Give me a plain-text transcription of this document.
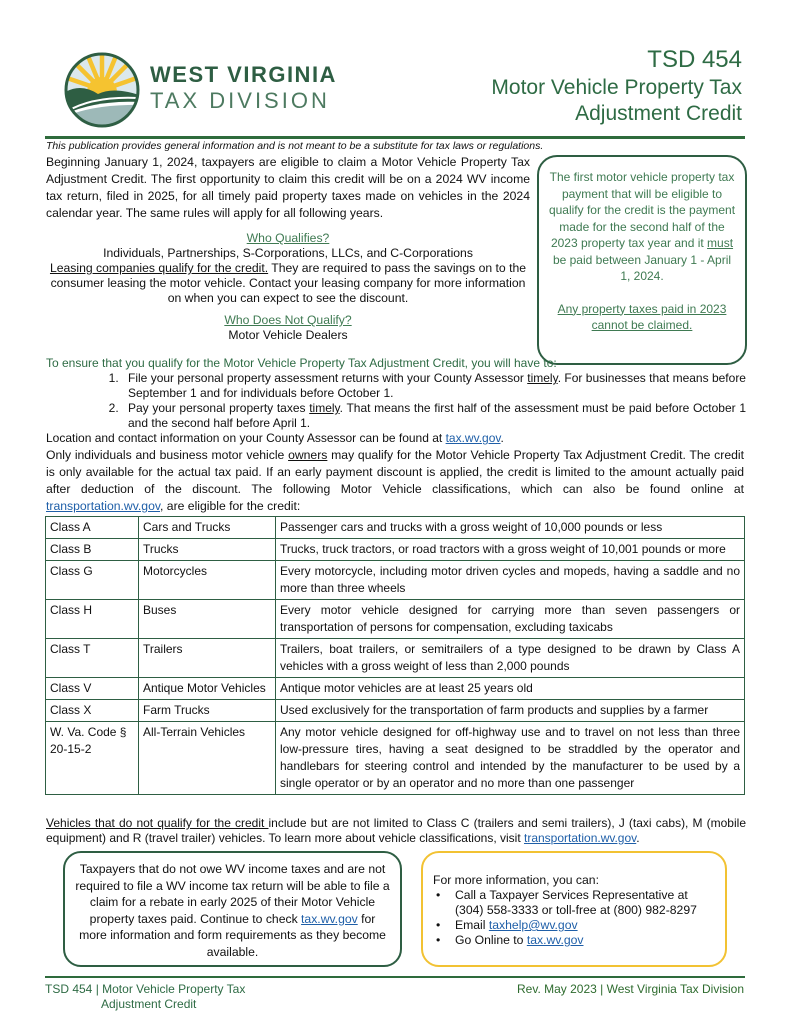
WEST VIRGINIA
TAX DIVISION
TSD 454
Motor Vehicle Property Tax
Adjustment Credit
This publication provides general information and is not meant to be a substitute for tax laws or regulations.
Beginning January 1, 2024, taxpayers are eligible to claim a Motor Vehicle Property Tax Adjustment Credit. The first opportunity to claim this credit will be on a 2024 WV income tax return, filed in 2025, for all timely paid property taxes made on vehicles in the 2024 calendar year. The same rules will apply for all following years.
The first motor vehicle property tax payment that will be eligible to qualify for the credit is the payment made for the second half of the 2023 property tax year and it must be paid between January 1 - April 1, 2024.
Any property taxes paid in 2023 cannot be claimed.
Who Qualifies?
Individuals, Partnerships, S-Corporations, LLCs, and C-Corporations
Leasing companies qualify for the credit. They are required to pass the savings on to the consumer leasing the motor vehicle. Contact your leasing company for more information on when you can expect to see the discount.
Who Does Not Qualify?
Motor Vehicle Dealers
To ensure that you qualify for the Motor Vehicle Property Tax Adjustment Credit, you will have to:
1. File your personal property assessment returns with your County Assessor timely. For businesses that means before September 1 and for individuals before October 1.
2. Pay your personal property taxes timely. That means the first half of the assessment must be paid before October 1 and the second half before April 1.
Location and contact information on your County Assessor can be found at tax.wv.gov.
Only individuals and business motor vehicle owners may qualify for the Motor Vehicle Property Tax Adjustment Credit. The credit is only available for the actual tax paid. If an early payment discount is applied, the credit is limited to the amount actually paid after deduction of the discount. The following Motor Vehicle classifications, which can also be found online at transportation.wv.gov, are eligible for the credit:
Class A	Cars and Trucks	Passenger cars and trucks with a gross weight of 10,000 pounds or less
Class B	Trucks	Trucks, truck tractors, or road tractors with a gross weight of 10,001 pounds or more
Class G	Motorcycles	Every motorcycle, including motor driven cycles and mopeds, having a saddle and no more than three wheels
Class H	Buses	Every motor vehicle designed for carrying more than seven passengers or transportation of persons for compensation, excluding taxicabs
Class T	Trailers	Trailers, boat trailers, or semitrailers of a type designed to be drawn by Class A vehicles with a gross weight of less than 2,000 pounds
Class V	Antique Motor Vehicles	Antique motor vehicles are at least 25 years old
Class X	Farm Trucks	Used exclusively for the transportation of farm products and supplies by a farmer
W. Va. Code § 20-15-2	All-Terrain Vehicles	Any motor vehicle designed for off-highway use and to travel on not less than three low-pressure tires, having a seat designed to be straddled by the operator and handlebars for steering control and intended by the manufacturer to be used by a single operator or by an operator and no more than one passenger
Vehicles that do not qualify for the credit include but are not limited to Class C (trailers and semi trailers), J (taxi cabs), M (mobile equipment) and R (travel trailer) vehicles. To learn more about vehicle classifications, visit transportation.wv.gov.
Taxpayers that do not owe WV income taxes and are not required to file a WV income tax return will be able to file a claim for a rebate in early 2025 of their Motor Vehicle property taxes paid. Continue to check tax.wv.gov for more information and form requirements as they become available.
For more information, you can:
• Call a Taxpayer Services Representative at (304) 558-3333 or toll-free at (800) 982-8297
• Email taxhelp@wv.gov
• Go Online to tax.wv.gov
TSD 454 | Motor Vehicle Property Tax
Adjustment Credit
Rev. May 2023 | West Virginia Tax Division
